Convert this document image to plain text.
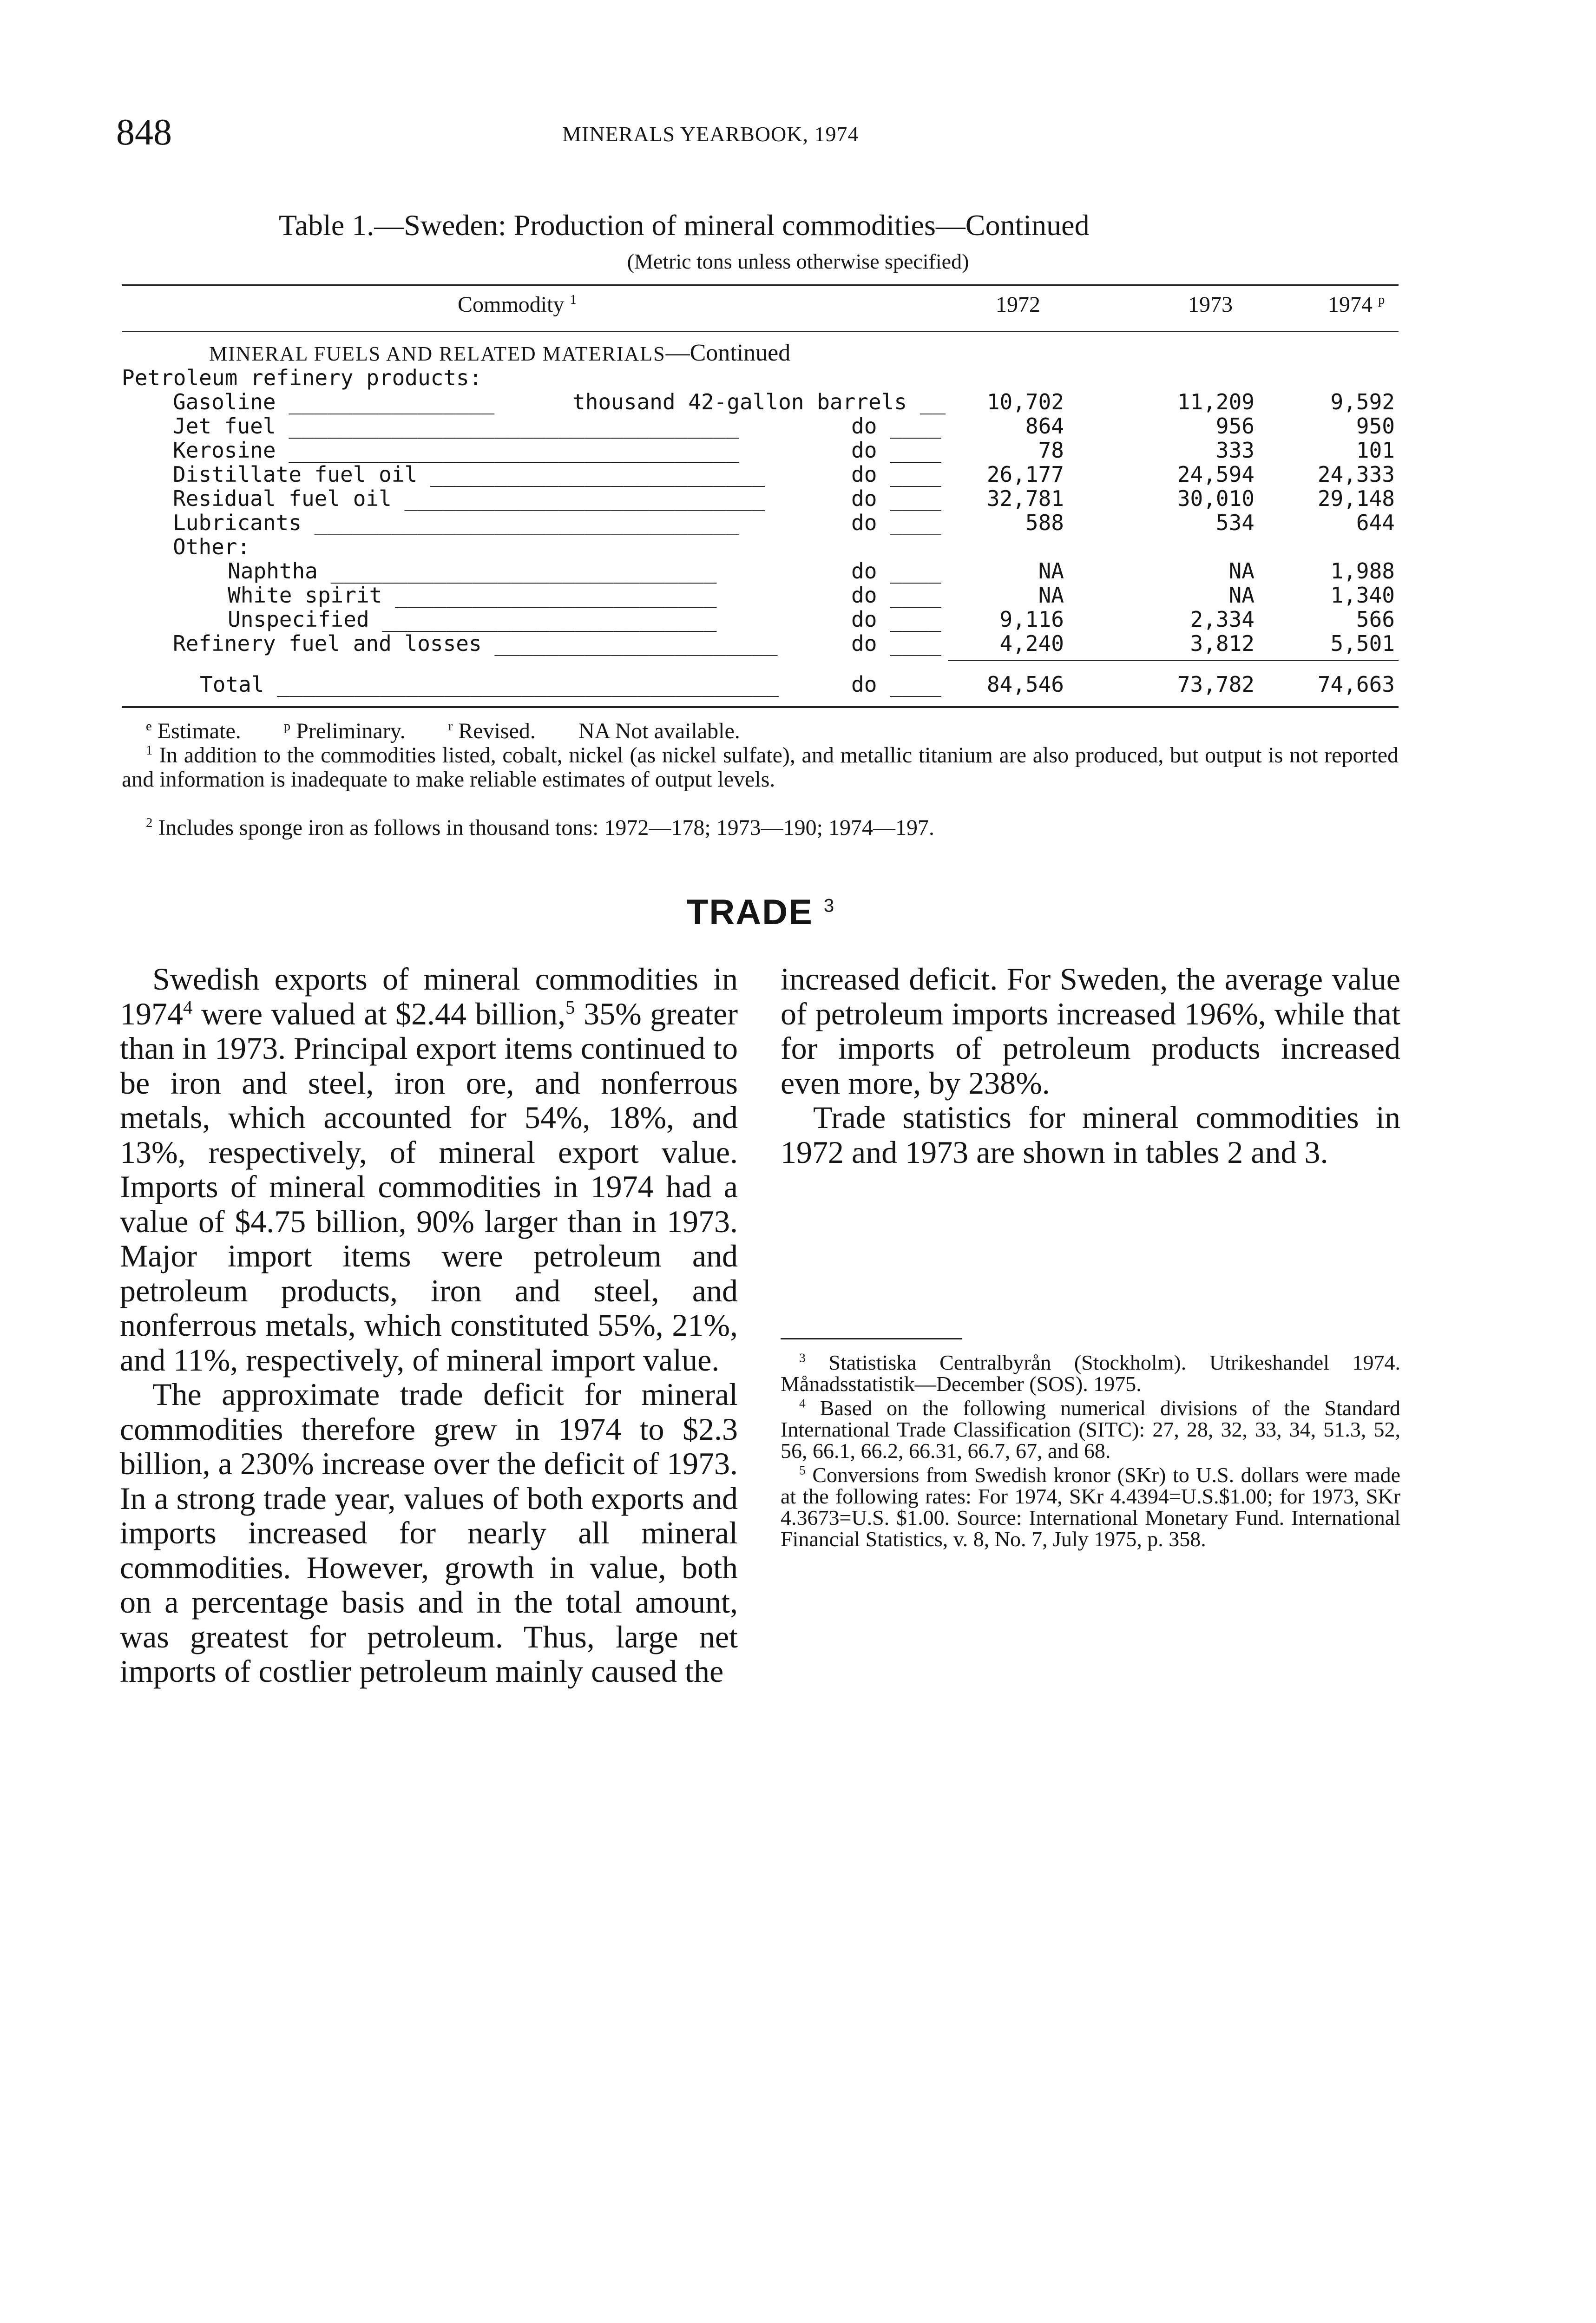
848	MINERALS YEARBOOK, 1974
Table 1.—Sweden: Production of mineral commodities—Continued
(Metric tons unless otherwise specified)
Commodity $^1$	1972	1973	1974 $^p$
MINERAL FUELS AND RELATED MATERIALS—Continued
Petroleum refinery products:
Gasoline ________________	thousand 42-gallon barrels __	10,702	11,209	9,592
Jet fuel ___________________________________	do ____	864	956	950
Kerosine ___________________________________	do ____	78	333	101
Distillate fuel oil __________________________	do ____	26,177	24,594	24,333
Residual fuel oil ____________________________	do ____	32,781	30,010	29,148
Lubricants _________________________________	do ____	588	534	644
Other:
Naphtha ______________________________	do ____	NA	NA	1,988
White spirit _________________________	do ____	NA	NA	1,340
Unspecified __________________________	do ____	9,116	2,334	566
Refinery fuel and losses ______________________	do ____	4,240	3,812	5,501
Total _______________________________________	do ____	84,546	73,782	74,663
$^e$ Estimate.	$^p$ Preliminary.	$^r$ Revised. NA Not available.
$^1$ In addition to the commodities listed, cobalt, nickel (as nickel sulfate), and metallic titanium are also produced, but output is not reported and information is inadequate to make reliable estimates of output levels.
$^2$ Includes sponge iron as follows in thousand tons: 1972—178; 1973—190; 1974—197.
TRADE $^3$

Swedish exports of mineral commodities in 1974$^4$ were valued at $2.44 billion,$^5$ 35% greater than in 1973. Principal export items continued to be iron and steel, iron ore, and nonferrous metals, which accounted for 54%, 18%, and 13%, respectively, of mineral export value. Imports of mineral commodities in 1974 had a value of $4.75 billion, 90% larger than in 1973. Major import items were petroleum and petroleum products, iron and steel, and nonferrous metals, which constituted 55%, 21%, and 11%, respectively, of mineral import value.

The approximate trade deficit for mineral commodities therefore grew in 1974 to $2.3 billion, a 230% increase over the deficit of 1973. In a strong trade year, values of both exports and imports increased for nearly all mineral commodities. However, growth in value, both on a percentage basis and in the total amount, was greatest for petroleum. Thus, large net imports of costlier petroleum mainly caused the

increased deficit. For Sweden, the average value of petroleum imports increased 196%, while that for imports of petroleum products increased even more, by 238%.

Trade statistics for mineral commodities in 1972 and 1973 are shown in tables 2 and 3.

$^3$ Statistiska Centralbyrån (Stockholm). Utrikeshandel 1974. Månadsstatistik—December (SOS). 1975.

$^4$ Based on the following numerical divisions of the Standard International Trade Classification (SITC): 27, 28, 32, 33, 34, 51.3, 52, 56, 66.1, 66.2, 66.31, 66.7, 67, and 68.

$^5$ Conversions from Swedish kronor (SKr) to U.S. dollars were made at the following rates: For 1974, SKr 4.4394=U.S.$1.00; for 1973, SKr 4.3673=U.S. $1.00. Source: International Monetary Fund. International Financial Statistics, v. 8, No. 7, July 1975, p. 358.
